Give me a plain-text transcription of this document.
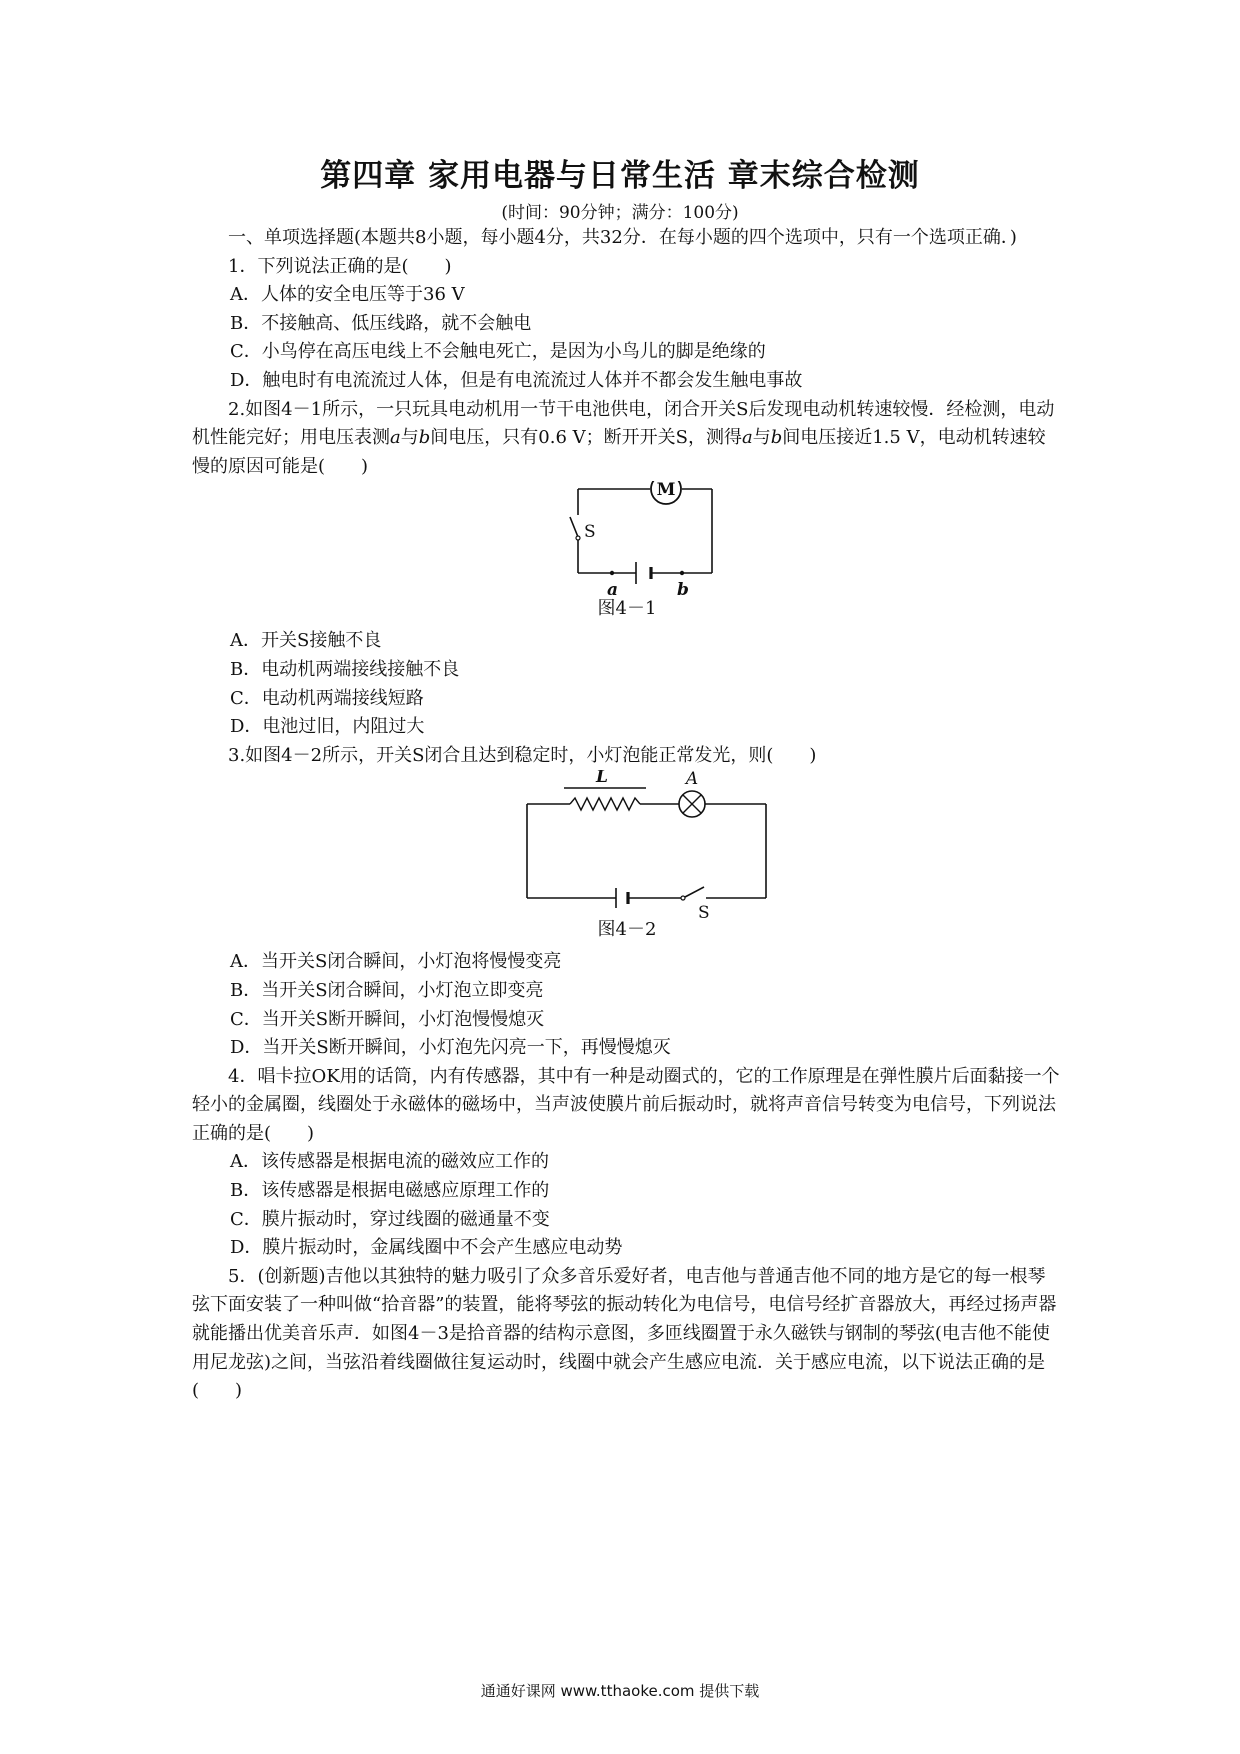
第四章 家用电器与日常生活 章末综合检测
(时间：90分钟；满分：100分)

一、单项选择题(本题共8小题，每小题4分，共32分．在每小题的四个选项中，只有一个选项正确．)

1．下列说法正确的是(　　)

A．人体的安全电压等于36 V

B．不接触高、低压线路，就不会触电

C．小鸟停在高压电线上不会触电死亡，是因为小鸟儿的脚是绝缘的

D．触电时有电流流过人体，但是有电流流过人体并不都会发生触电事故

2.如图4－1所示，一只玩具电动机用一节干电池供电，闭合开关S后发现电动机转速较慢．经检测，电动机性能完好；用电压表测a与b间电压，只有0.6 V；断开开关S，测得a与b间电压接近1.5 V，电动机转速较慢的原因可能是(　　)

S
M
a	b
图4－1

A．开关S接触不良

B．电动机两端接线接触不良

C．电动机两端接线短路

D．电池过旧，内阻过大

3.如图4－2所示，开关S闭合且达到稳定时，小灯泡能正常发光，则(　　)

L	A
S
图4－2

A．当开关S闭合瞬间，小灯泡将慢慢变亮

B．当开关S闭合瞬间，小灯泡立即变亮

C．当开关S断开瞬间，小灯泡慢慢熄灭

D．当开关S断开瞬间，小灯泡先闪亮一下，再慢慢熄灭

4．唱卡拉OK用的话筒，内有传感器，其中有一种是动圈式的，它的工作原理是在弹性膜片后面黏接一个轻小的金属圈，线圈处于永磁体的磁场中，当声波使膜片前后振动时，就将声音信号转变为电信号，下列说法正确的是(　　)

A．该传感器是根据电流的磁效应工作的

B．该传感器是根据电磁感应原理工作的

C．膜片振动时，穿过线圈的磁通量不变

D．膜片振动时，金属线圈中不会产生感应电动势

5．(创新题)吉他以其独特的魅力吸引了众多音乐爱好者，电吉他与普通吉他不同的地方是它的每一根琴弦下面安装了一种叫做“拾音器”的装置，能将琴弦的振动转化为电信号，电信号经扩音器放大，再经过扬声器就能播出优美音乐声．如图4－3是拾音器的结构示意图，多匝线圈置于永久磁铁与钢制的琴弦(电吉他不能使用尼龙弦)之间，当弦沿着线圈做往复运动时，线圈中就会产生感应电流．关于感应电流，以下说法正确的是(　　)

通通好课网 www.tthaoke.com 提供下载
